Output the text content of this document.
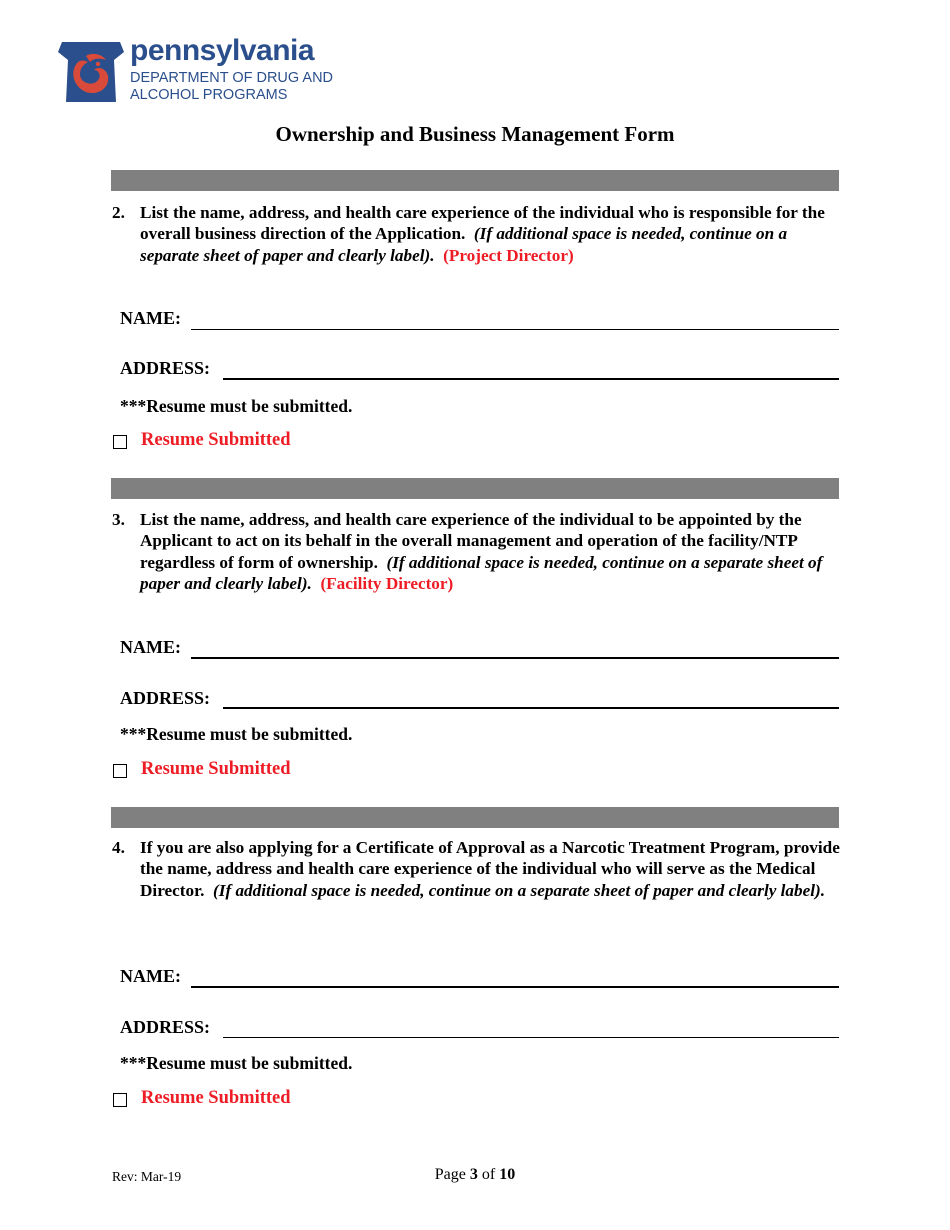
pennsylvania
DEPARTMENT OF DRUG AND
ALCOHOL PROGRAMS
Ownership and Business Management Form
2. List the name, address, and health care experience of the individual who is responsible for the overall business direction of the Application. (If additional space is needed, continue on a separate sheet of paper and clearly label). (Project Director)
NAME:
ADDRESS:
***Resume must be submitted.
Resume Submitted
3. List the name, address, and health care experience of the individual to be appointed by the Applicant to act on its behalf in the overall management and operation of the facility/NTP regardless of form of ownership. (If additional space is needed, continue on a separate sheet of paper and clearly label). (Facility Director)
NAME:
ADDRESS:
***Resume must be submitted.
Resume Submitted
4. If you are also applying for a Certificate of Approval as a Narcotic Treatment Program, provide the name, address and health care experience of the individual who will serve as the Medical Director. (If additional space is needed, continue on a separate sheet of paper and clearly label).
NAME:
ADDRESS:
***Resume must be submitted.
Resume Submitted
Rev: Mar-19	Page 3 of 10
